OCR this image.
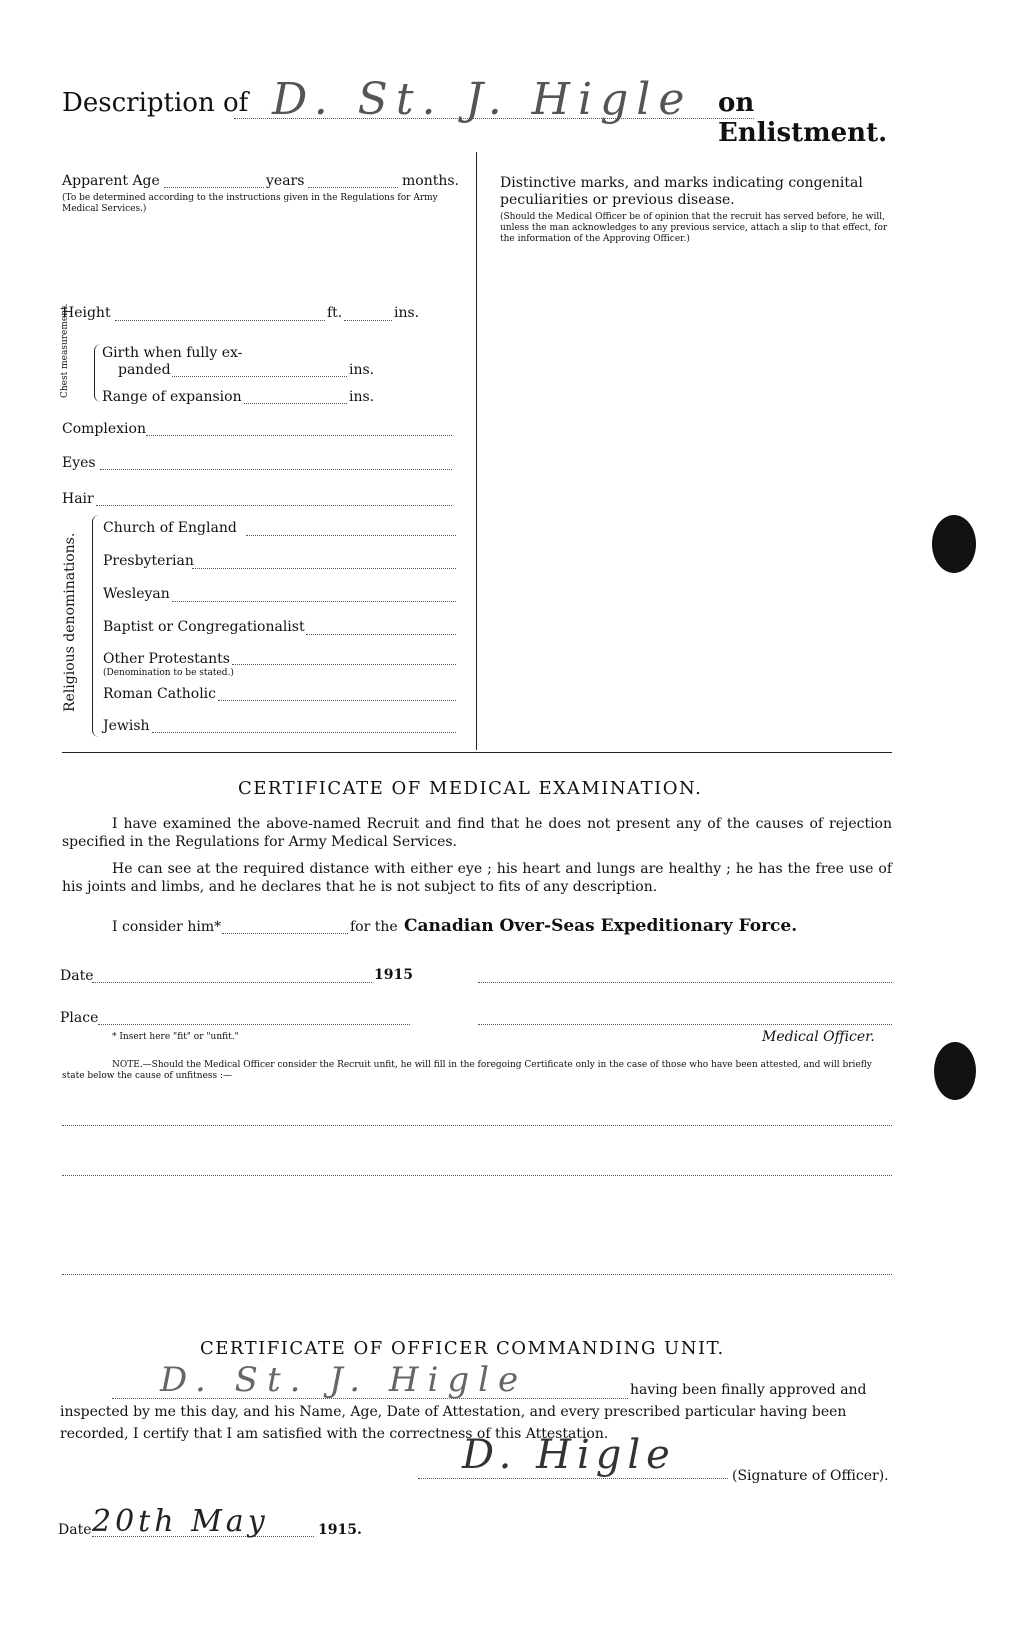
Description of D. St. J. Higle on Enlistment.
Apparent Age	years	months.
(To be determined according to the instructions given in the Regulations for Army Medical Services.)
Height	ft.	ins.
Chest measurement. Girth when fully ex-
panded	ins.
Range of expansion	ins.
Complexion
Eyes
Hair
Religious denominations.
Church of England
Presbyterian
Wesleyan
Baptist or Congregationalist
Other Protestants
(Denomination to be stated.)
Roman Catholic
Jewish
Distinctive marks, and marks indicating congenital
peculiarities or previous disease.
(Should the Medical Officer be of opinion that the recruit has served before, he will, unless the man acknowledges to any previous service, attach a slip to that effect, for the information of the Approving Officer.)
CERTIFICATE OF MEDICAL EXAMINATION.
I have examined the above-named Recruit and find that he does not present any of the causes of rejection specified in the Regulations for Army Medical Services.
He can see at the required distance with either eye ; his heart and lungs are healthy ; he has the free use of his joints and limbs, and he declares that he is not subject to fits of any description.
I consider him*	for the Canadian Over-Seas Expeditionary Force.
Date	1915
Place
* Insert here "fit" or "unfit."	Medical Officer.
NOTE.—Should the Medical Officer consider the Recruit unfit, he will fill in the foregoing Certificate only in the case of those who have been attested, and will briefly state below the cause of unfitness :—
CERTIFICATE OF OFFICER COMMANDING UNIT.
D. St. J. Higle	having been finally approved and
inspected by me this day, and his Name, Age, Date of Attestation, and every prescribed particular having been
recorded, I certify that I am satisfied with the correctness of this Attestation.
D. Higle	(Signature of Officer).
Date 20th May	1915.
